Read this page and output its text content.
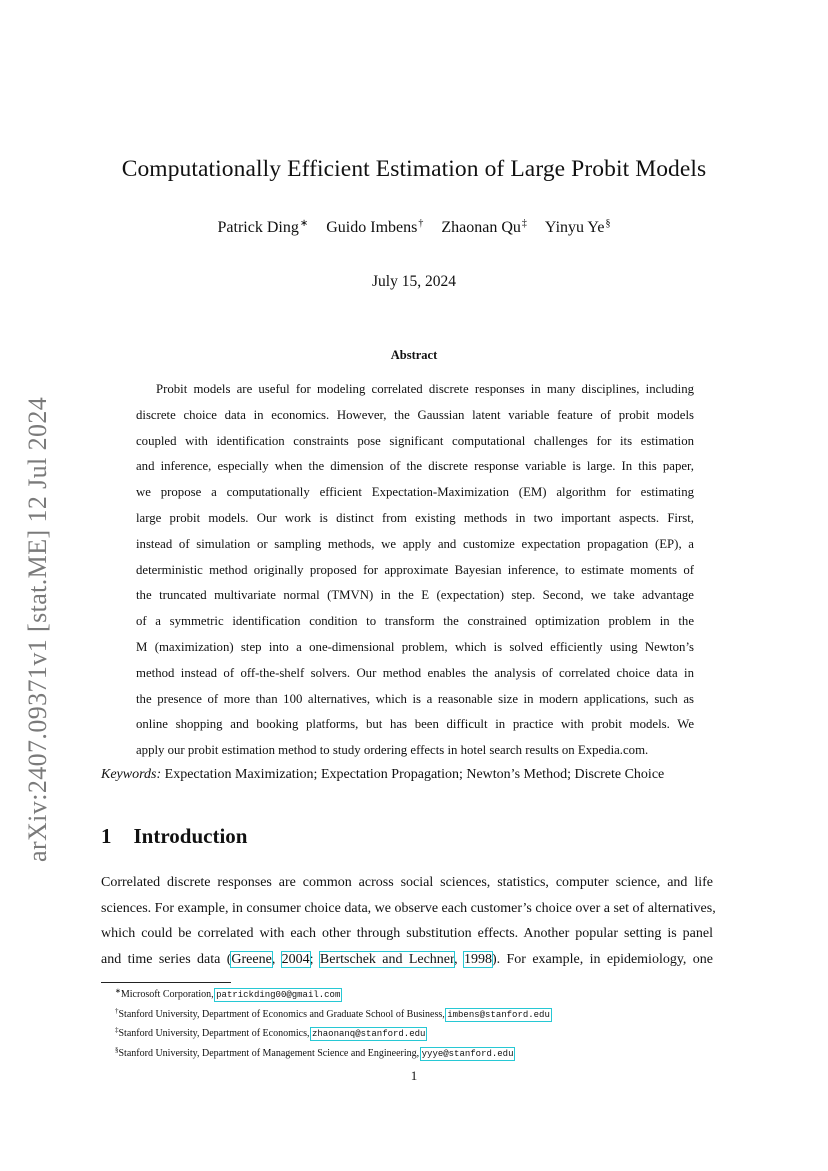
arXiv:2407.09371v1 [stat.ME] 12 Jul 2024
Computationally Efficient Estimation of Large Probit Models
Patrick Ding∗ Guido Imbens† Zhaonan Qu‡ Yinyu Ye§
July 15, 2024
Abstract
Probit models are useful for modeling correlated discrete responses in many disciplines, including
discrete choice data in economics. However, the Gaussian latent variable feature of probit models
coupled with identification constraints pose significant computational challenges for its estimation
and inference, especially when the dimension of the discrete response variable is large. In this paper,
we propose a computationally efficient Expectation-Maximization (EM) algorithm for estimating
large probit models. Our work is distinct from existing methods in two important aspects. First,
instead of simulation or sampling methods, we apply and customize expectation propagation (EP), a
deterministic method originally proposed for approximate Bayesian inference, to estimate moments of
the truncated multivariate normal (TMVN) in the E (expectation) step. Second, we take advantage
of a symmetric identification condition to transform the constrained optimization problem in the
M (maximization) step into a one-dimensional problem, which is solved efficiently using Newton’s
method instead of off-the-shelf solvers. Our method enables the analysis of correlated choice data in
the presence of more than 100 alternatives, which is a reasonable size in modern applications, such as
online shopping and booking platforms, but has been difficult in practice with probit models. We
apply our probit estimation method to study ordering effects in hotel search results on Expedia.com.
Keywords: Expectation Maximization; Expectation Propagation; Newton’s Method; Discrete Choice
1 Introduction
Correlated discrete responses are common across social sciences, statistics, computer science, and life
sciences. For example, in consumer choice data, we observe each customer’s choice over a set of alternatives,
which could be correlated with each other through substitution effects. Another popular setting is panel
and time series data (Greene, 2004; Bertschek and Lechner, 1998). For example, in epidemiology, one
∗Microsoft Corporation, patrickding00@gmail.com
†Stanford University, Department of Economics and Graduate School of Business, imbens@stanford.edu
‡Stanford University, Department of Economics, zhaonanq@stanford.edu
§Stanford University, Department of Management Science and Engineering, yyye@stanford.edu
1
